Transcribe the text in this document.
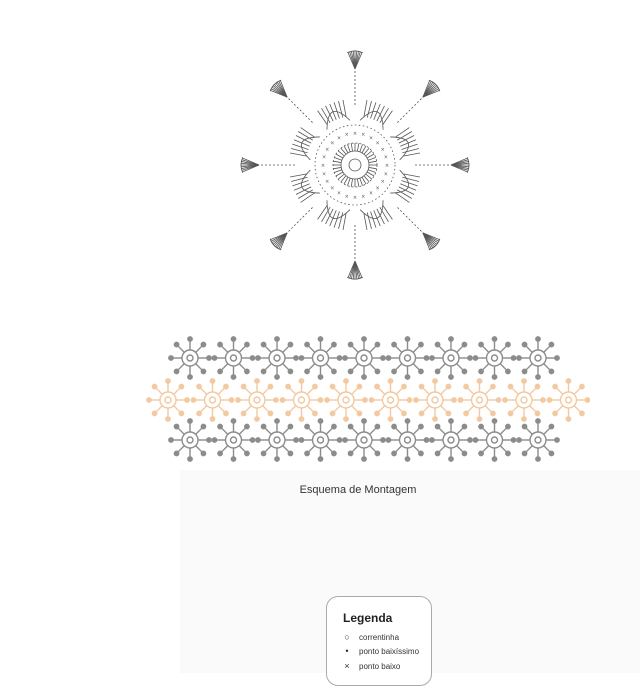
×
×
×
×
×
×
×
×
×
×
×
×
×
×
×
×
×
× × ×
×
×
×
×
Esquema de Montagem
Legenda
○	correntinha
•	ponto baixíssimo
×	ponto baixo
